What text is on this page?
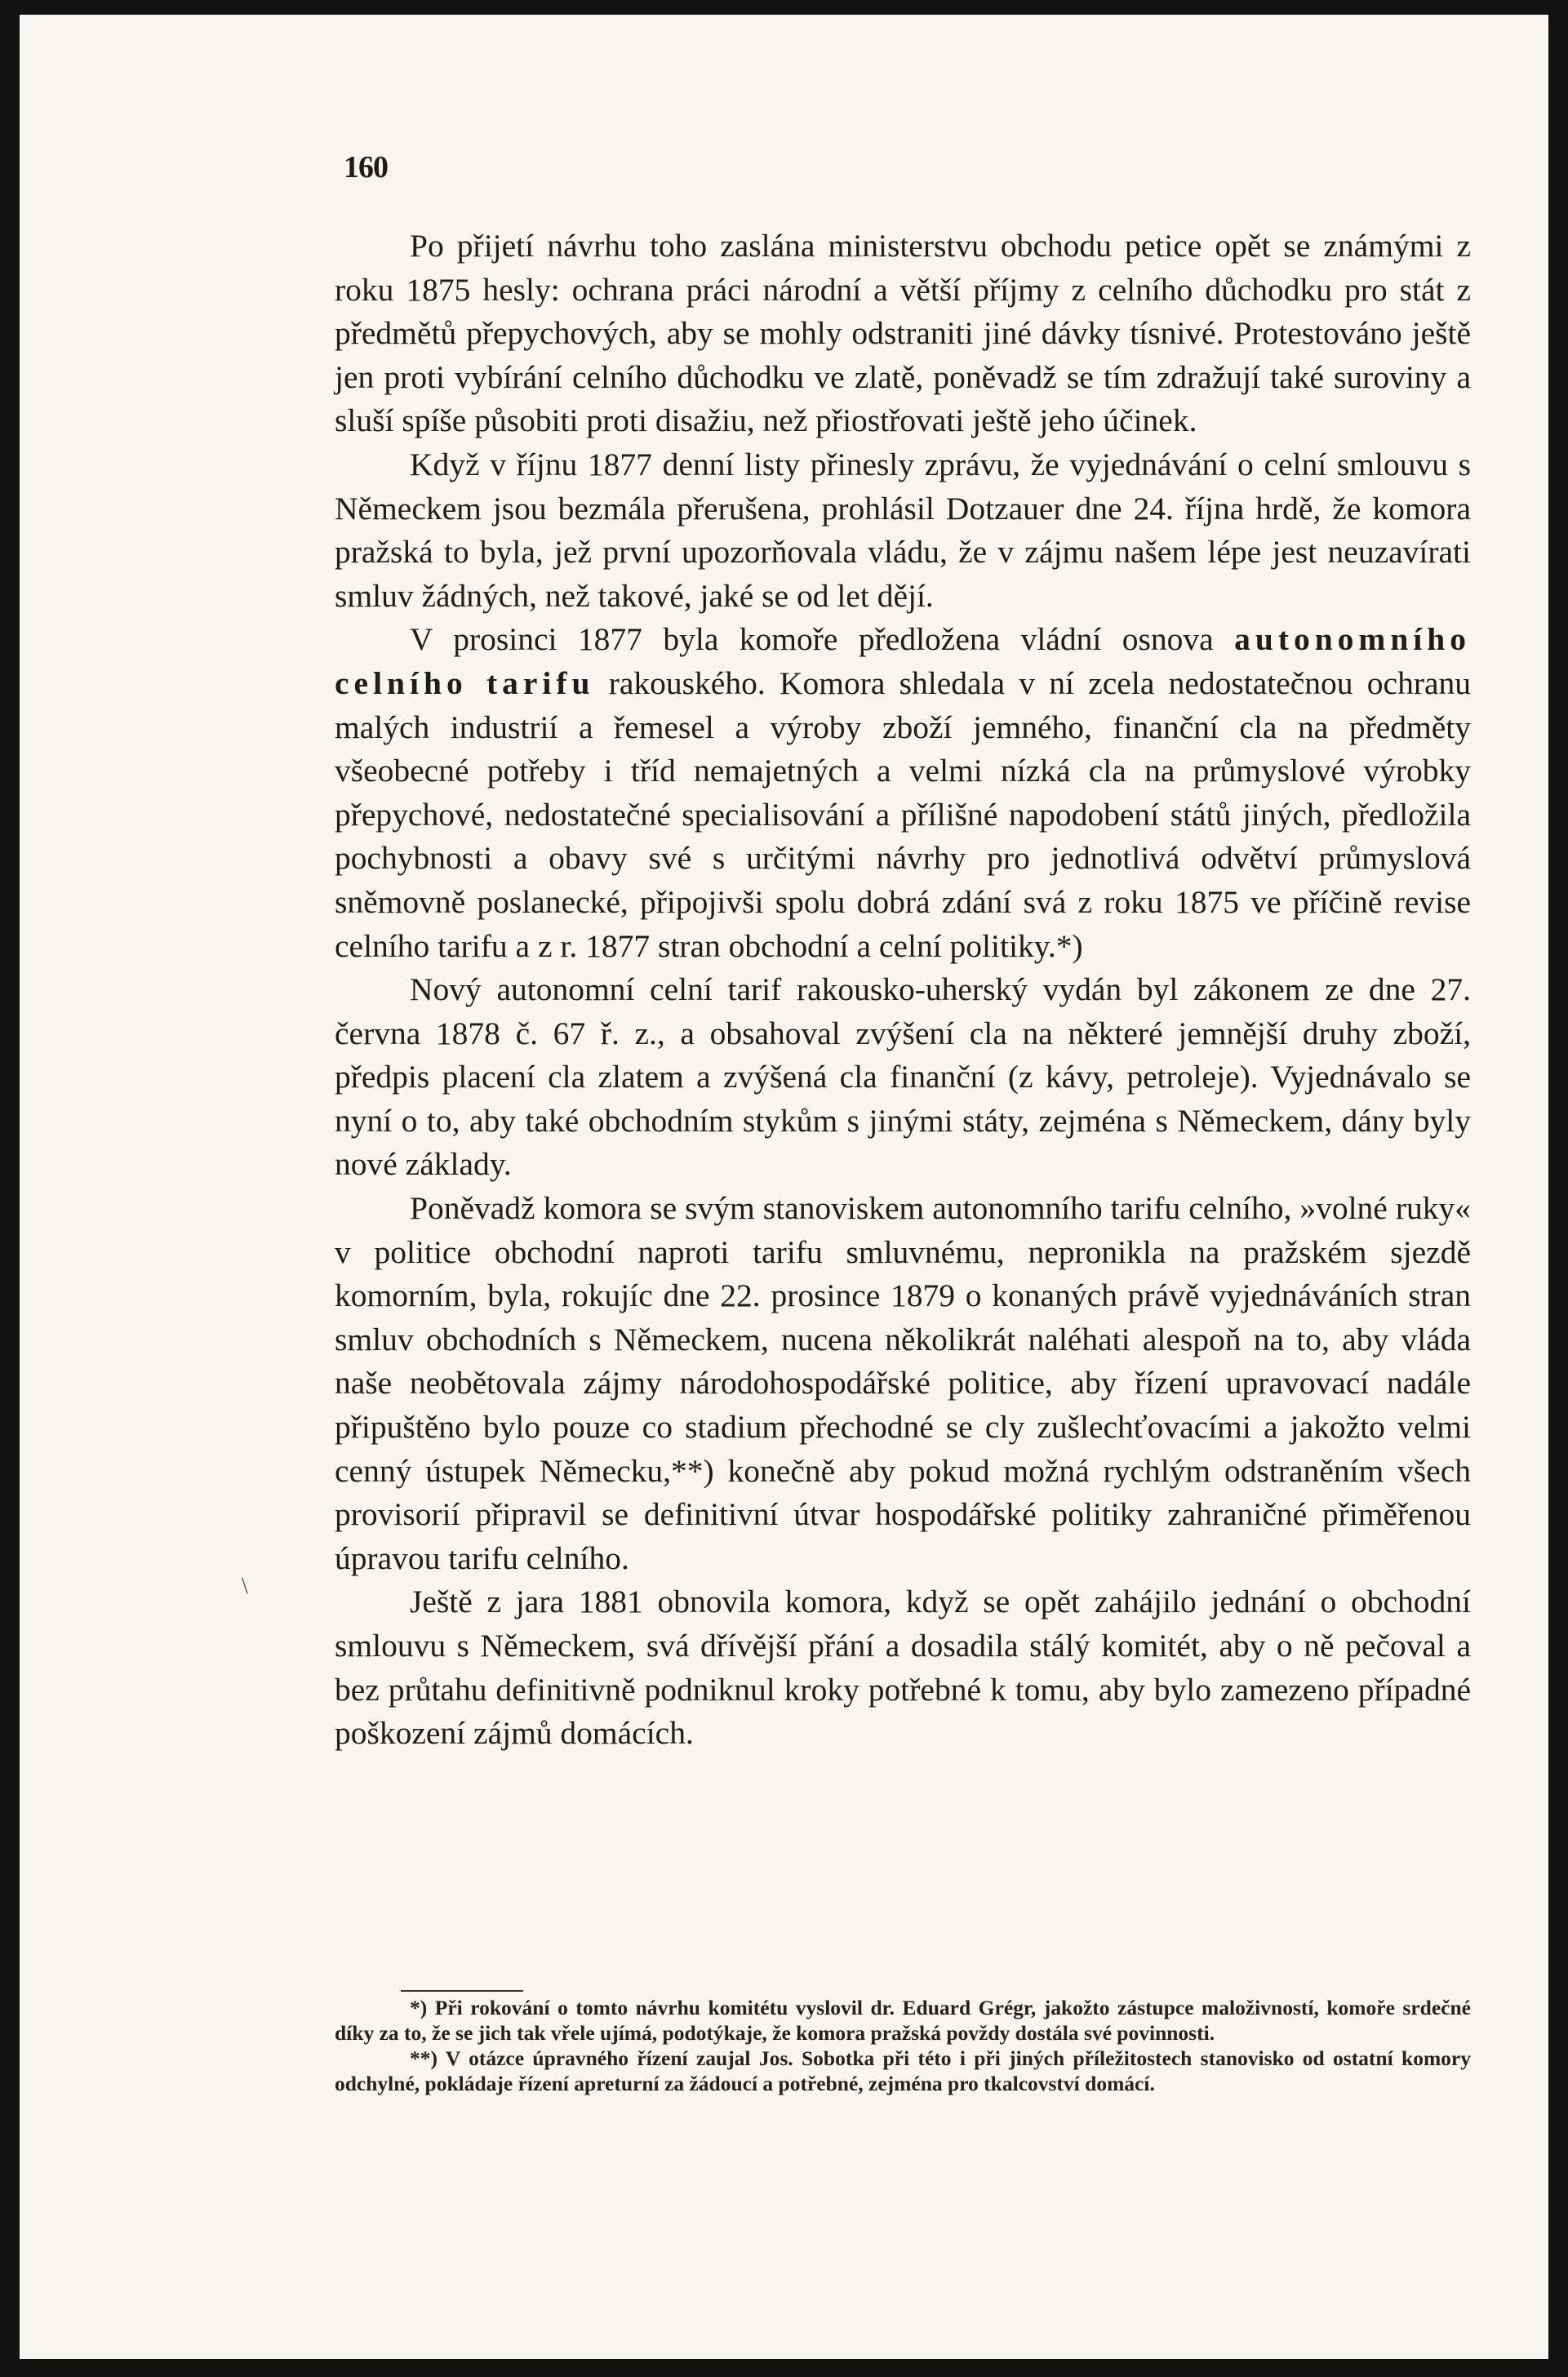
160
\

Po přijetí návrhu toho zaslána ministerstvu obchodu petice opět se známými z roku 1875 hesly: ochrana práci národní a větší příjmy z celního důchodku pro stát z předmětů přepychových, aby se mohly odstraniti jiné dávky tísnivé. Protestováno ještě jen proti vybírání celního důchodku ve zlatě, poněvadž se tím zdražují také suroviny a sluší spíše působiti proti disažiu, než přiostřovati ještě jeho účinek.

Když v říjnu 1877 denní listy přinesly zprávu, že vyjednávání o celní smlouvu s Německem jsou bezmála přerušena, prohlásil Dotzauer dne 24. října hrdě, že komora pražská to byla, jež první upozorňovala vládu, že v zájmu našem lépe jest neuzavírati smluv žádných, než takové, jaké se od let dějí.

V prosinci 1877 byla komoře předložena vládní osnova autonomního celního tarifu rakouského. Komora shledala v ní zcela nedostatečnou ochranu malých industrií a řemesel a výroby zboží jemného, finanční cla na předměty všeobecné potřeby i tříd nemajetných a velmi nízká cla na průmyslové výrobky přepychové, nedostatečné specialisování a přílišné napodobení států jiných, předložila pochybnosti a obavy své s určitými návrhy pro jednotlivá odvětví průmyslová sněmovně poslanecké, připojivši spolu dobrá zdání svá z roku 1875 ve příčině revise celního tarifu a z r. 1877 stran obchodní a celní politiky.*)

Nový autonomní celní tarif rakousko-uherský vydán byl zákonem ze dne 27. června 1878 č. 67 ř. z., a obsahoval zvýšení cla na některé jemnější druhy zboží, předpis placení cla zlatem a zvýšená cla finanční (z kávy, petroleje). Vyjednávalo se nyní o to, aby také obchodním stykům s jinými státy, zejména s Německem, dány byly nové základy.

Poněvadž komora se svým stanoviskem autonomního tarifu celního, »volné ruky« v politice obchodní naproti tarifu smluvnému, nepronikla na pražském sjezdě komorním, byla, rokujíc dne 22. prosince 1879 o konaných právě vyjednáváních stran smluv obchodních s Německem, nucena několikrát naléhati alespoň na to, aby vláda naše neobětovala zájmy národohospodářské politice, aby řízení upravovací nadále připuštěno bylo pouze co stadium přechodné se cly zušlechťovacími a jakožto velmi cenný ústupek Německu,**) konečně aby pokud možná rychlým odstraněním všech provisorií připravil se definitivní útvar hospodářské politiky zahraničné přiměřenou úpravou tarifu celního.

Ještě z jara 1881 obnovila komora, když se opět zahájilo jednání o obchodní smlouvu s Německem, svá dřívější přání a dosadila stálý komitét, aby o ně pečoval a bez průtahu definitivně podniknul kroky potřebné k tomu, aby bylo zamezeno případné poškození zájmů domácích.

*) Při rokování o tomto návrhu komitétu vyslovil dr. Eduard Grégr, jakožto zástupce maloživností, komoře srdečné díky za to, že se jich tak vřele ujímá, podotýkaje, že komora pražská povždy dostála své povinnosti.

**) V otázce úpravného řízení zaujal Jos. Sobotka při této i při jiných příležitostech stanovisko od ostatní komory odchylné, pokládaje řízení apreturní za žádoucí a potřebné, zejména pro tkalcovství domácí.
